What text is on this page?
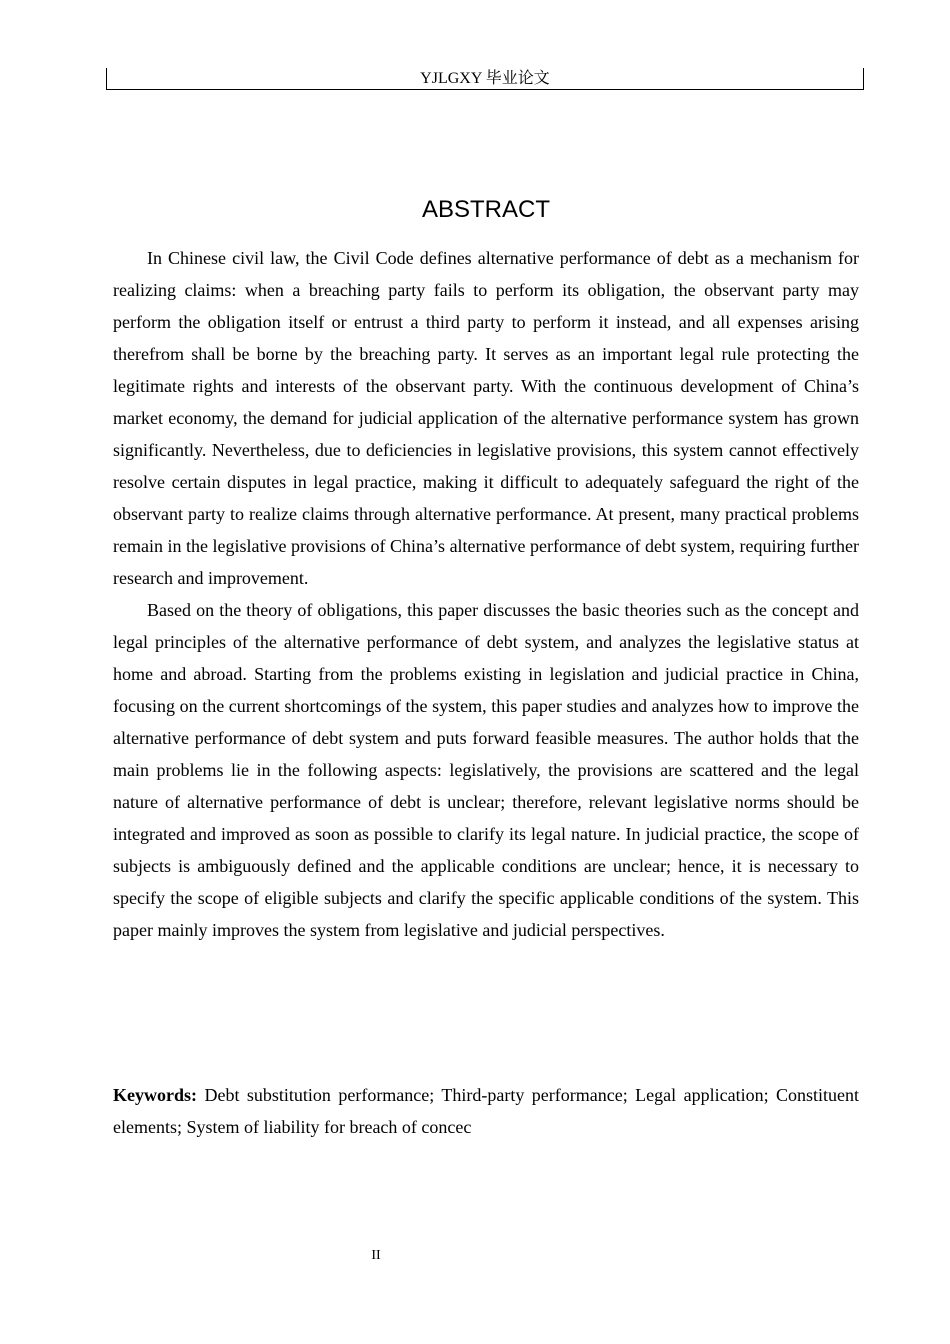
YJLGXY 毕业论文
ABSTRACT

In Chinese civil law, the Civil Code defines alternative performance of debt as a mechanism for realizing claims: when a breaching party fails to perform its obligation, the observant party may perform the obligation itself or entrust a third party to perform it instead, and all expenses arising therefrom shall be borne by the breaching party. It serves as an important legal rule protecting the legitimate rights and interests of the observant party. With the continuous development of China’s market economy, the demand for judicial application of the alternative performance system has grown significantly. Nevertheless, due to deficiencies in legislative provisions, this system cannot effectively resolve certain disputes in legal practice, making it difficult to adequately safeguard the right of the observant party to realize claims through alternative performance. At present, many practical problems remain in the legislative provisions of China’s alternative performance of debt system, requiring further research and improvement.

Based on the theory of obligations, this paper discusses the basic theories such as the concept and legal principles of the alternative performance of debt system, and analyzes the legislative status at home and abroad. Starting from the problems existing in legislation and judicial practice in China, focusing on the current shortcomings of the system, this paper studies and analyzes how to improve the alternative performance of debt system and puts forward feasible measures. The author holds that the main problems lie in the following aspects: legislatively, the provisions are scattered and the legal nature of alternative performance of debt is unclear; therefore, relevant legislative norms should be integrated and improved as soon as possible to clarify its legal nature. In judicial practice, the scope of subjects is ambiguously defined and the applicable conditions are unclear; hence, it is necessary to specify the scope of eligible subjects and clarify the specific applicable conditions of the system. This paper mainly improves the system from legislative and judicial perspectives.

Keywords: Debt substitution performance; Third-party performance; Legal application; Constituent elements; System of liability for breach of concec

II
